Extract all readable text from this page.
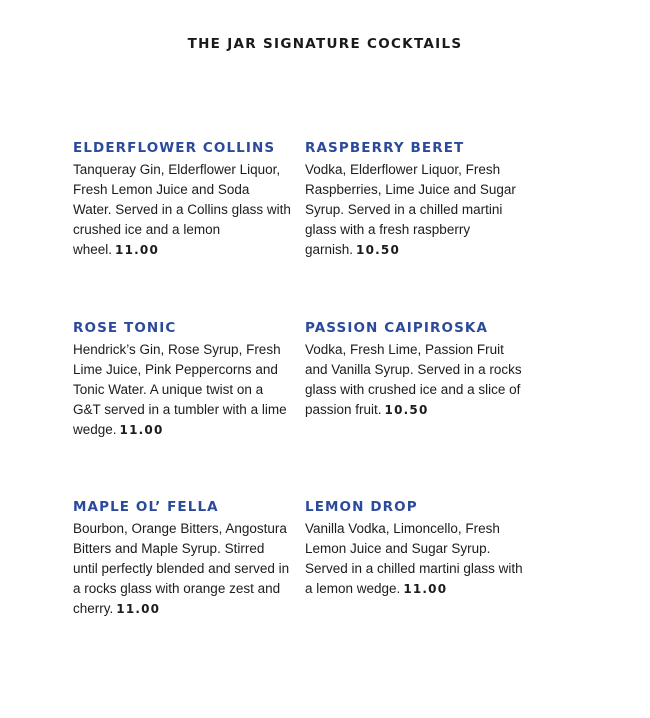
THE JAR SIGNATURE COCKTAILS
ELDERFLOWER COLLINS
Tanqueray Gin, Elderflower Liquor, Fresh Lemon Juice and Soda Water. Served in a Collins glass with crushed ice and a lemon wheel. 11.00
RASPBERRY BERET
Vodka, Elderflower Liquor, Fresh Raspberries, Lime Juice and Sugar Syrup. Served in a chilled martini glass with a fresh raspberry garnish. 10.50
ROSE TONIC
Hendrick’s Gin, Rose Syrup, Fresh Lime Juice, Pink Peppercorns and Tonic Water. A unique twist on a G&T served in a tumbler with a lime wedge. 11.00
PASSION CAIPIROSKA
Vodka, Fresh Lime, Passion Fruit and Vanilla Syrup. Served in a rocks glass with crushed ice and a slice of passion fruit. 10.50
MAPLE OL’ FELLA
Bourbon, Orange Bitters, Angostura Bitters and Maple Syrup. Stirred until perfectly blended and served in a rocks glass with orange zest and cherry. 11.00
LEMON DROP
Vanilla Vodka, Limoncello, Fresh Lemon Juice and Sugar Syrup. Served in a chilled martini glass with a lemon wedge. 11.00
